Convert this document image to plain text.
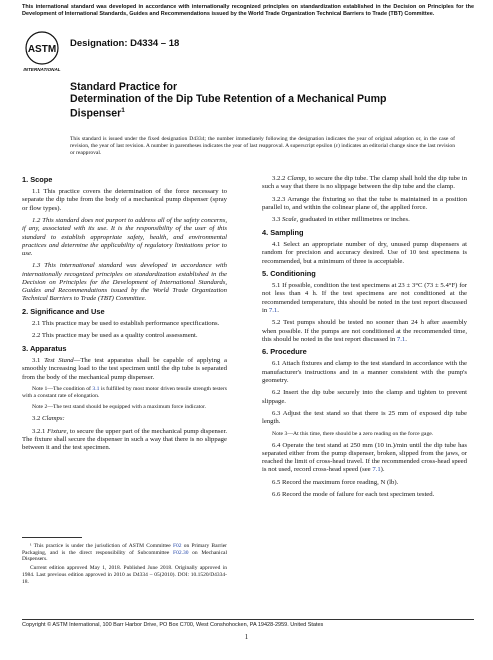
This international standard was developed in accordance with internationally recognized principles on standardization established in the Decision on Principles for the Development of International Standards, Guides and Recommendations issued by the World Trade Organization Technical Barriers to Trade (TBT) Committee.
ASTM
INTERNATIONAL
Designation: D4334 – 18
Standard Practice for
Determination of the Dip Tube Retention of a Mechanical Pump Dispenser$^1$
This standard is issued under the fixed designation D4334; the number immediately following the designation indicates the year of original adoption or, in the case of revision, the year of last revision. A number in parentheses indicates the year of last reapproval. A superscript epsilon (ε) indicates an editorial change since the last revision or reapproval.
1. Scope

1.1 This practice covers the determination of the force necessary to separate the dip tube from the body of a mechanical pump dispenser (spray or flow types).

1.2 This standard does not purport to address all of the safety concerns, if any, associated with its use. It is the responsibility of the user of this standard to establish appropriate safety, health, and environmental practices and determine the applicability of regulatory limitations prior to use.

1.3 This international standard was developed in accordance with internationally recognized principles on standardization established in the Decision on Principles for the Development of International Standards, Guides and Recommendations issued by the World Trade Organization Technical Barriers to Trade (TBT) Committee.

2. Significance and Use

2.1 This practice may be used to establish performance specifications.

2.2 This practice may be used as a quality control assessment.

3. Apparatus

3.1 Test Stand—The test apparatus shall be capable of applying a smoothly increasing load to the test specimen until the dip tube is separated from the body of the mechanical pump dispenser.

Note 1—The condition of 3.1 is fulfilled by most motor driven tensile strength testers with a constant rate of elongation.

Note 2—The test stand should be equipped with a maximum force indicator.

3.2 Clamps:

3.2.1 Fixture, to secure the upper part of the mechanical pump dispenser. The fixture shall secure the dispenser in such a way that there is no slippage between it and the test specimen.

¹ This practice is under the jurisdiction of ASTM Committee F02 on Primary Barrier Packaging, and is the direct responsibility of Subcommittee F02.30 on Mechanical Dispensers.

Current edition approved May 1, 2018. Published June 2018. Originally approved in 1984. Last previous edition approved in 2010 as D4334 – 05(2010). DOI: 10.1520/D4334-18.

3.2.2 Clamp, to secure the dip tube. The clamp shall hold the dip tube in such a way that there is no slippage between the dip tube and the clamp.

3.2.3 Arrange the fixturing so that the tube is maintained in a position parallel to, and within the colinear plane of, the applied force.

3.3 Scale, graduated in either millimetres or inches.

4. Sampling

4.1 Select an appropriate number of dry, unused pump dispensers at random for precision and accuracy desired. Use of 10 test specimens is recommended, but a minimum of three is acceptable.

5. Conditioning

5.1 If possible, condition the test specimens at 23 ± 3°C (73 ± 5.4°F) for not less than 4 h. If the test specimens are not conditioned at the recommended temperature, this should be noted in the test report discussed in 7.1.

5.2 Test pumps should be tested no sooner than 24 h after assembly when possible. If the pumps are not conditioned at the recommended time, this should be noted in the test report discussed in 7.1.

6. Procedure

6.1 Attach fixtures and clamp to the test standard in accordance with the manufacturer's instructions and in a manner consistent with the pump's geometry.

6.2 Insert the dip tube securely into the clamp and tighten to prevent slippage.

6.3 Adjust the test stand so that there is 25 mm of exposed dip tube length.

Note 3—At this time, there should be a zero reading on the force gage.

6.4 Operate the test stand at 250 mm (10 in.)/min until the dip tube has separated either from the pump dispenser, broken, slipped from the jaws, or reached the limit of cross-head travel. If the recommended cross-head speed is not used, record cross-head speed (see 7.1).

6.5 Record the maximum force reading, N (lb).

6.6 Record the mode of failure for each test specimen tested.

Copyright © ASTM International, 100 Barr Harbor Drive, PO Box C700, West Conshohocken, PA 19428-2959. United States
1
